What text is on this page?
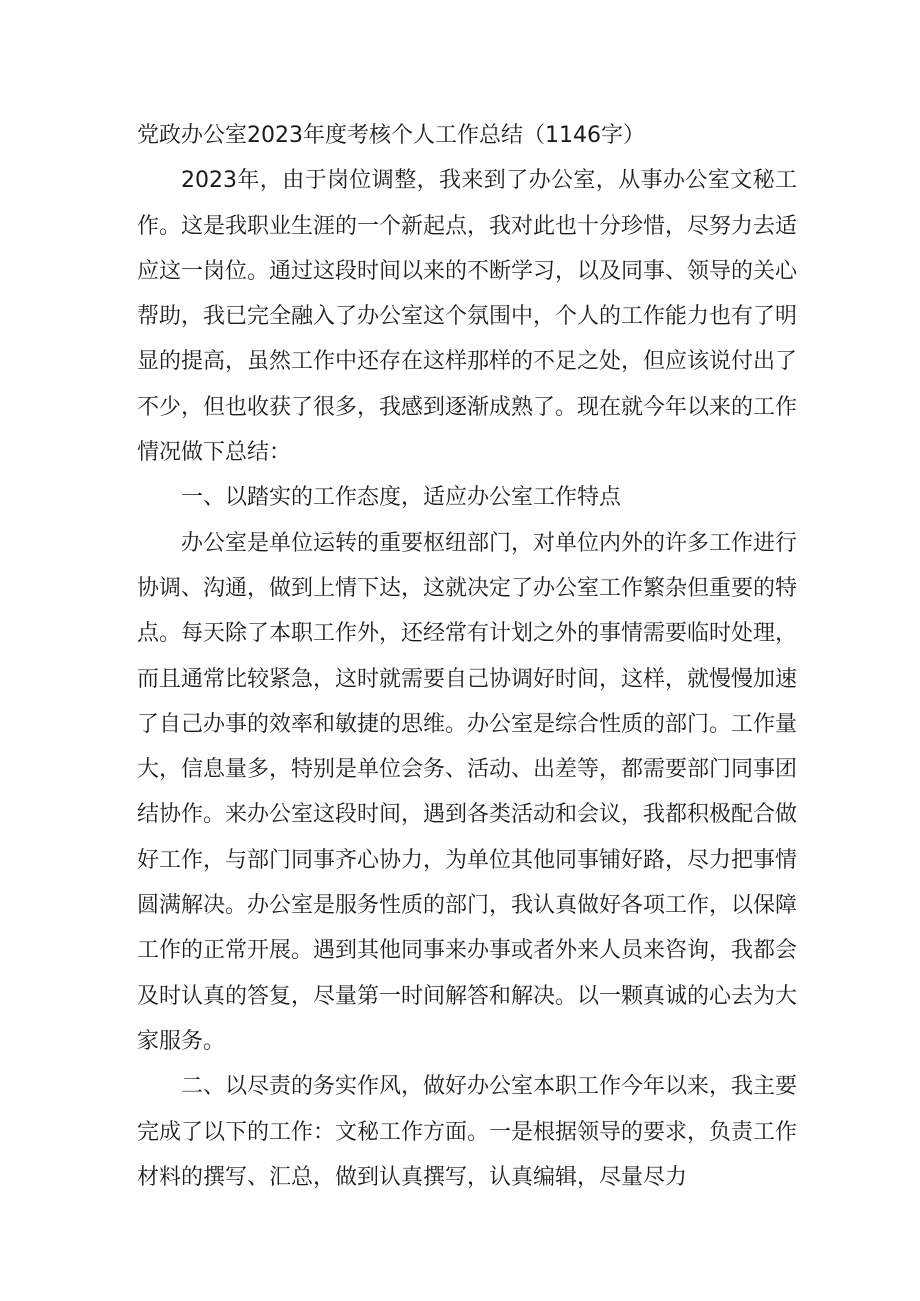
党政办公室2023年度考核个人工作总结（1146字）

2023年，由于岗位调整，我来到了办公室，从事办公室文秘工作。这是我职业生涯的一个新起点，我对此也十分珍惜，尽努力去适应这一岗位。通过这段时间以来的不断学习，以及同事、领导的关心帮助，我已完全融入了办公室这个氛围中，个人的工作能力也有了明显的提高，虽然工作中还存在这样那样的不足之处，但应该说付出了不少，但也收获了很多，我感到逐渐成熟了。现在就今年以来的工作情况做下总结：

一、以踏实的工作态度，适应办公室工作特点

办公室是单位运转的重要枢纽部门，对单位内外的许多工作进行协调、沟通，做到上情下达，这就决定了办公室工作繁杂但重要的特点。每天除了本职工作外，还经常有计划之外的事情需要临时处理，而且通常比较紧急，这时就需要自己协调好时间，这样，就慢慢加速了自己办事的效率和敏捷的思维。办公室是综合性质的部门。工作量大，信息量多，特别是单位会务、活动、出差等，都需要部门同事团结协作。来办公室这段时间，遇到各类活动和会议，我都积极配合做好工作，与部门同事齐心协力，为单位其他同事铺好路，尽力把事情圆满解决。办公室是服务性质的部门，我认真做好各项工作，以保障工作的正常开展。遇到其他同事来办事或者外来人员来咨询，我都会及时认真的答复，尽量第一时间解答和解决。以一颗真诚的心去为大家服务。

二、以尽责的务实作风，做好办公室本职工作今年以来，我主要完成了以下的工作：文秘工作方面。一是根据领导的要求，负责工作材料的撰写、汇总，做到认真撰写，认真编辑，尽量尽力
